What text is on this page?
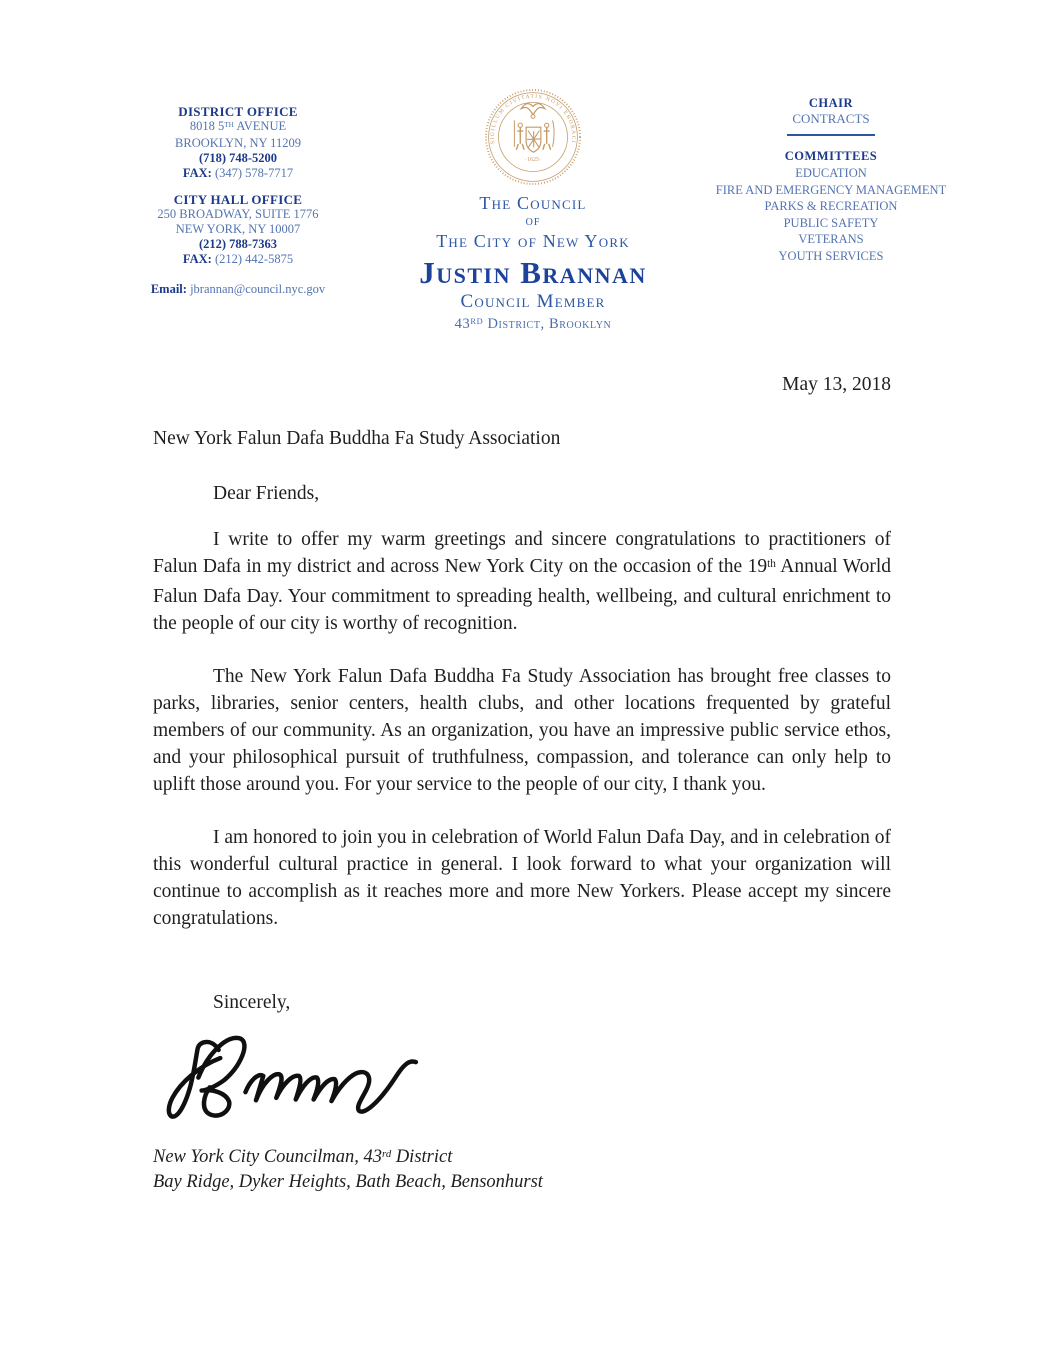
DISTRICT OFFICE
8018 5TH AVENUE
BROOKLYN, NY 11209
(718) 748-5200
FAX: (347) 578-7717
CITY HALL OFFICE
250 BROADWAY, SUITE 1776
NEW YORK, NY 10007
(212) 788-7363
FAX: (212) 442-5875
Email: jbrannan@council.nyc.gov
·1625·
SIGILLUM CIVITATIS NOVI EBORACI
The Council
of
The City of New York
Justin Brannan
Council Member
43RD District, Brooklyn
CHAIR
CONTRACTS
COMMITTEES
EDUCATION
FIRE AND EMERGENCY MANAGEMENT
PARKS & RECREATION
PUBLIC SAFETY
VETERANS
YOUTH SERVICES

May 13, 2018

New York Falun Dafa Buddha Fa Study Association

Dear Friends,

I write to offer my warm greetings and sincere congratulations to practitioners of Falun Dafa in my district and across New York City on the occasion of the 19th Annual World Falun Dafa Day. Your commitment to spreading health, wellbeing, and cultural enrichment to the people of our city is worthy of recognition.

The New York Falun Dafa Buddha Fa Study Association has brought free classes to parks, libraries, senior centers, health clubs, and other locations frequented by grateful members of our community. As an organization, you have an impressive public service ethos, and your philosophical pursuit of truthfulness, compassion, and tolerance can only help to uplift those around you. For your service to the people of our city, I thank you.

I am honored to join you in celebration of World Falun Dafa Day, and in celebration of this wonderful cultural practice in general. I look forward to what your organization will continue to accomplish as it reaches more and more New Yorkers. Please accept my sincere congratulations.

Sincerely,

New York City Councilman, 43rd District
Bay Ridge, Dyker Heights, Bath Beach, Bensonhurst
